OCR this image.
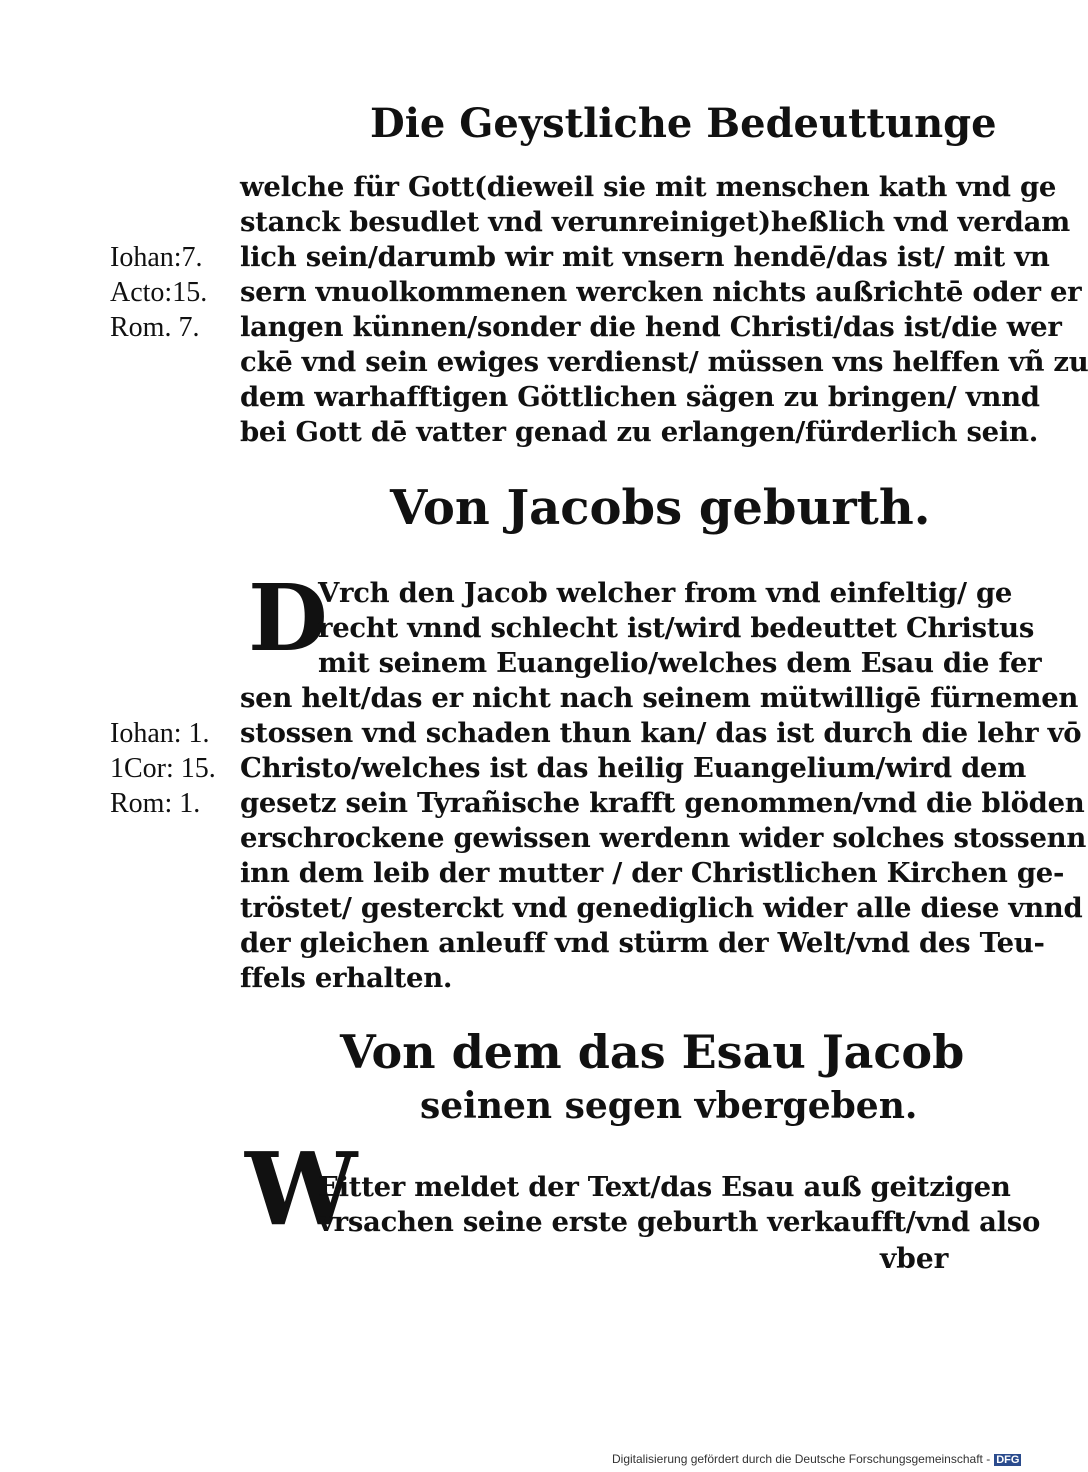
Die Geystliche Bedeuttunge
welche für Gott(dieweil sie mit menschen kath vnd ge
stanck besudlet vnd verunreiniget)heßlich vnd verdam
lich sein/darumb wir mit vnsern hendē/das ist/ mit vn
sern vnuolkommenen wercken nichts außrichtē oder er
langen künnen/sonder die hend Christi/das ist/die wer
ckē vnd sein ewiges verdienst/ müssen vns helffen vñ zu
dem warhafftigen Göttlichen sägen zu bringen/ vnnd
bei Gott dē vatter genad zu erlangen/fürderlich sein.
Iohan:7.
Acto:15.
Rom. 7.
Von Jacobs geburth.
D
Vrch den Jacob welcher from vnd einfeltig/ ge
recht vnnd schlecht ist/wird bedeuttet Christus
mit seinem Euangelio/welches dem Esau die fer
sen helt/das er nicht nach seinem mütwilligē fürnemen
stossen vnd schaden thun kan/ das ist durch die lehr vō
Christo/welches ist das heilig Euangelium/wird dem
gesetz sein Tyrañische krafft genommen/vnd die blöden
erschrockene gewissen werdenn wider solches stossenn
inn dem leib der mutter / der Christlichen Kirchen ge-
tröstet/ gesterckt vnd genediglich wider alle diese vnnd
der gleichen anleuff vnd stürm der Welt/vnd des Teu-
ffels erhalten.
Iohan: 1.
1Cor: 15.
Rom: 1.
Von dem das Esau Jacob
seinen segen vbergeben.
W
Eitter meldet der Text/das Esau auß geitzigen
vrsachen seine erste geburth verkaufft/vnd also
vber
Digitalisierung gefördert durch die Deutsche Forschungsgemeinschaft - DFG
